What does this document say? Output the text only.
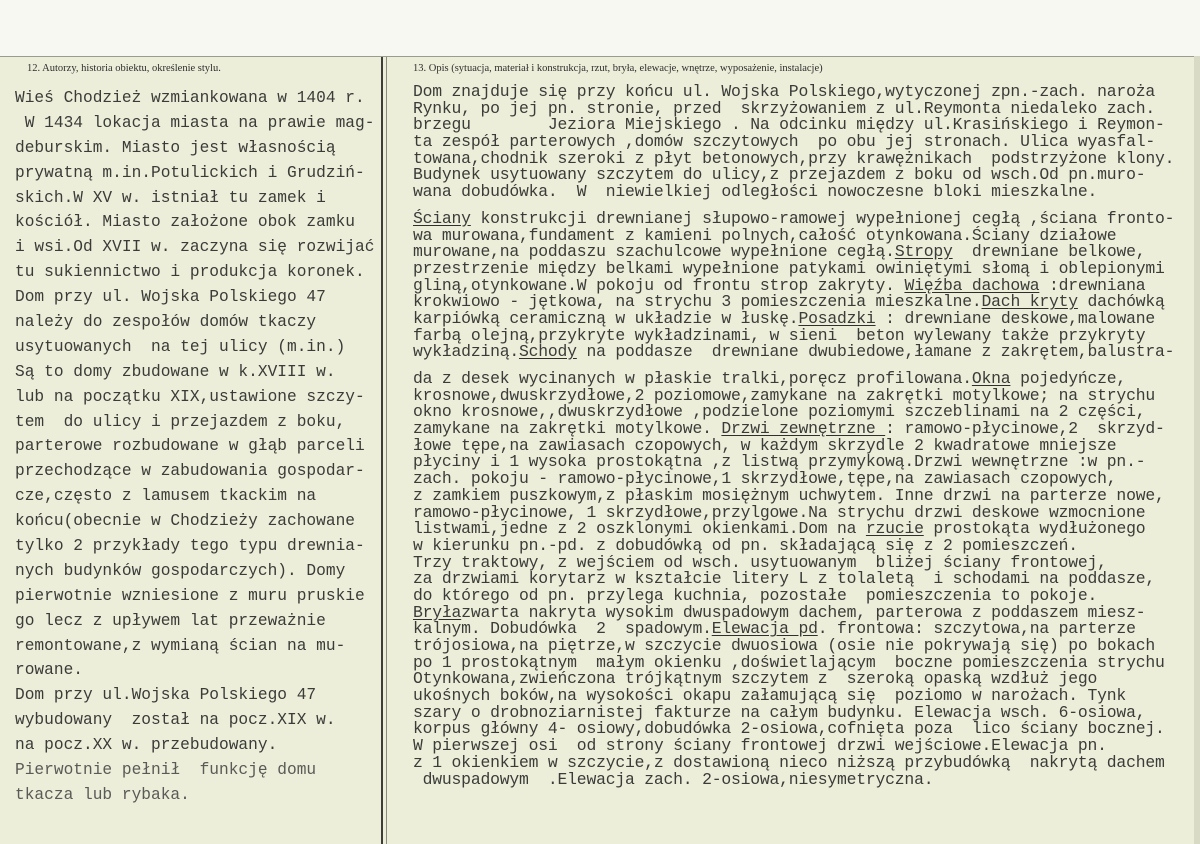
12. Autorzy, historia obiektu, określenie stylu.	13. Opis (sytuacja, materiał i konstrukcja, rzut, bryła, elewacje, wnętrze, wyposażenie, instalacje)
Wieś Chodzież wzmiankowana w 1404 r.
W 1434 lokacja miasta na prawie mag-
deburskim. Miasto jest własnością
prywatną m.in.Potulickich i Grudziń-
skich.W XV w. istniał tu zamek i
kościół. Miasto założone obok zamku
i wsi.Od XVII w. zaczyna się rozwijać
tu sukiennictwo i produkcja koronek.
Dom przy ul. Wojska Polskiego 47
należy do zespołów domów tkaczy
usytuowanych  na tej ulicy (m.in.)
Są to domy zbudowane w k.XVIII w.
lub na początku XIX,ustawione szczy-
tem  do ulicy i przejazdem z boku,
parterowe rozbudowane w głąb parceli
przechodzące w zabudowania gospodar-
cze,często z lamusem tkackim na
końcu(obecnie w Chodzieży zachowane
tylko 2 przykłady tego typu drewnia-
nych budynków gospodarczych). Domy
pierwotnie wzniesione z muru pruskie
go lecz z upływem lat przeważnie
remontowane,z wymianą ścian na mu-
rowane.
Dom przy ul.Wojska Polskiego 47
wybudowany  został na pocz.XIX w.
na pocz.XX w. przebudowany.
Pierwotnie pełnił  funkcję domu
tkacza lub rybaka.
Dom znajduje się przy końcu ul. Wojska Polskiego,wytyczonej zpn.-zach. naroża
Rynku, po jej pn. stronie, przed  skrzyżowaniem z ul.Reymonta niedaleko zach.
brzegu        Jeziora Miejskiego . Na odcinku między ul.Krasińskiego i Reymon-
ta zespół parterowych ,domów szczytowych  po obu jej stronach. Ulica wyasfal-
towana,chodnik szeroki z płyt betonowych,przy krawężnikach  podstrzyżone klony.
Budynek usytuowany szczytem do ulicy,z przejazdem z boku od wsch.Od pn.muro-
wana dobudówka.  W  niewielkiej odległości nowoczesne bloki mieszkalne.
Ściany konstrukcji drewnianej słupowo-ramowej wypełnionej cegłą ,ściana fronto-
wa murowana,fundament z kamieni polnych,całość otynkowana.Ściany działowe
murowane,na poddaszu szachulcowe wypełnione cegłą.Stropy  drewniane belkowe,
przestrzenie między belkami wypełnione patykami owiniętymi słomą i oblepionymi
gliną,otynkowane.W pokoju od frontu strop zakryty. Więźba dachowa :drewniana
krokwiowo - jętkowa, na strychu 3 pomieszczenia mieszkalne.Dach kryty dachówką
karpiówką ceramiczną w układzie w łuskę.Posadzki : drewniane deskowe,malowane
farbą olejną,przykryte wykładzinami, w sieni  beton wylewany także przykryty
wykładziną.Schody na poddasze  drewniane dwubiedowe,łamane z zakrętem,balustra-
da z desek wycinanych w płaskie tralki,poręcz profilowana.Okna pojedyńcze,
krosnowe,dwuskrzydłowe,2 poziomowe,zamykane na zakrętki motylkowe; na strychu
okno krosnowe,,dwuskrzydłowe ,podzielone poziomymi szczeblinami na 2 części,
zamykane na zakrętki motylkowe. Drzwi zewnętrzne : ramowo-płycinowe,2  skrzyd-
łowe tępe,na zawiasach czopowych, w każdym skrzydle 2 kwadratowe mniejsze
płyciny i 1 wysoka prostokątna ,z listwą przymykową.Drzwi wewnętrzne :w pn.-
zach. pokoju - ramowo-płycinowe,1 skrzydłowe,tępe,na zawiasach czopowych,
z zamkiem puszkowym,z płaskim mosiężnym uchwytem. Inne drzwi na parterze nowe,
ramowo-płycinowe, 1 skrzydłowe,przylgowe.Na strychu drzwi deskowe wzmocnione
listwami,jedne z 2 oszklonymi okienkami.Dom na rzucie prostokąta wydłużonego
w kierunku pn.-pd. z dobudówką od pn. składającą się z 2 pomieszczeń.
Trzy traktowy, z wejściem od wsch. usytuowanym  bliżej ściany frontowej,
za drzwiami korytarz w kształcie litery L z tolaletą  i schodami na poddasze,
do którego od pn. przylega kuchnia, pozostałe  pomieszczenia to pokoje.
Bryłazwarta nakryta wysokim dwuspadowym dachem, parterowa z poddaszem miesz-
kalnym. Dobudówka  2  spadowym.Elewacja pd. frontowa: szczytowa,na parterze
trójosiowa,na piętrze,w szczycie dwuosiowa (osie nie pokrywają się) po bokach
po 1 prostokątnym  małym okienku ,doświetlającym  boczne pomieszczenia strychu
Otynkowana,zwieńczona trójkątnym szczytem z  szeroką opaską wzdłuż jego
ukośnych boków,na wysokości okapu załamującą się  poziomo w narożach. Tynk
szary o drobnoziarnistej fakturze na całym budynku. Elewacja wsch. 6-osiowa,
korpus główny 4- osiowy,dobudówka 2-osiowa,cofnięta poza  lico ściany bocznej.
W pierwszej osi  od strony ściany frontowej drzwi wejściowe.Elewacja pn.
z 1 okienkiem w szczycie,z dostawioną nieco niższą przybudówką  nakrytą dachem
dwuspadowym  .Elewacja zach. 2-osiowa,niesymetryczna.
